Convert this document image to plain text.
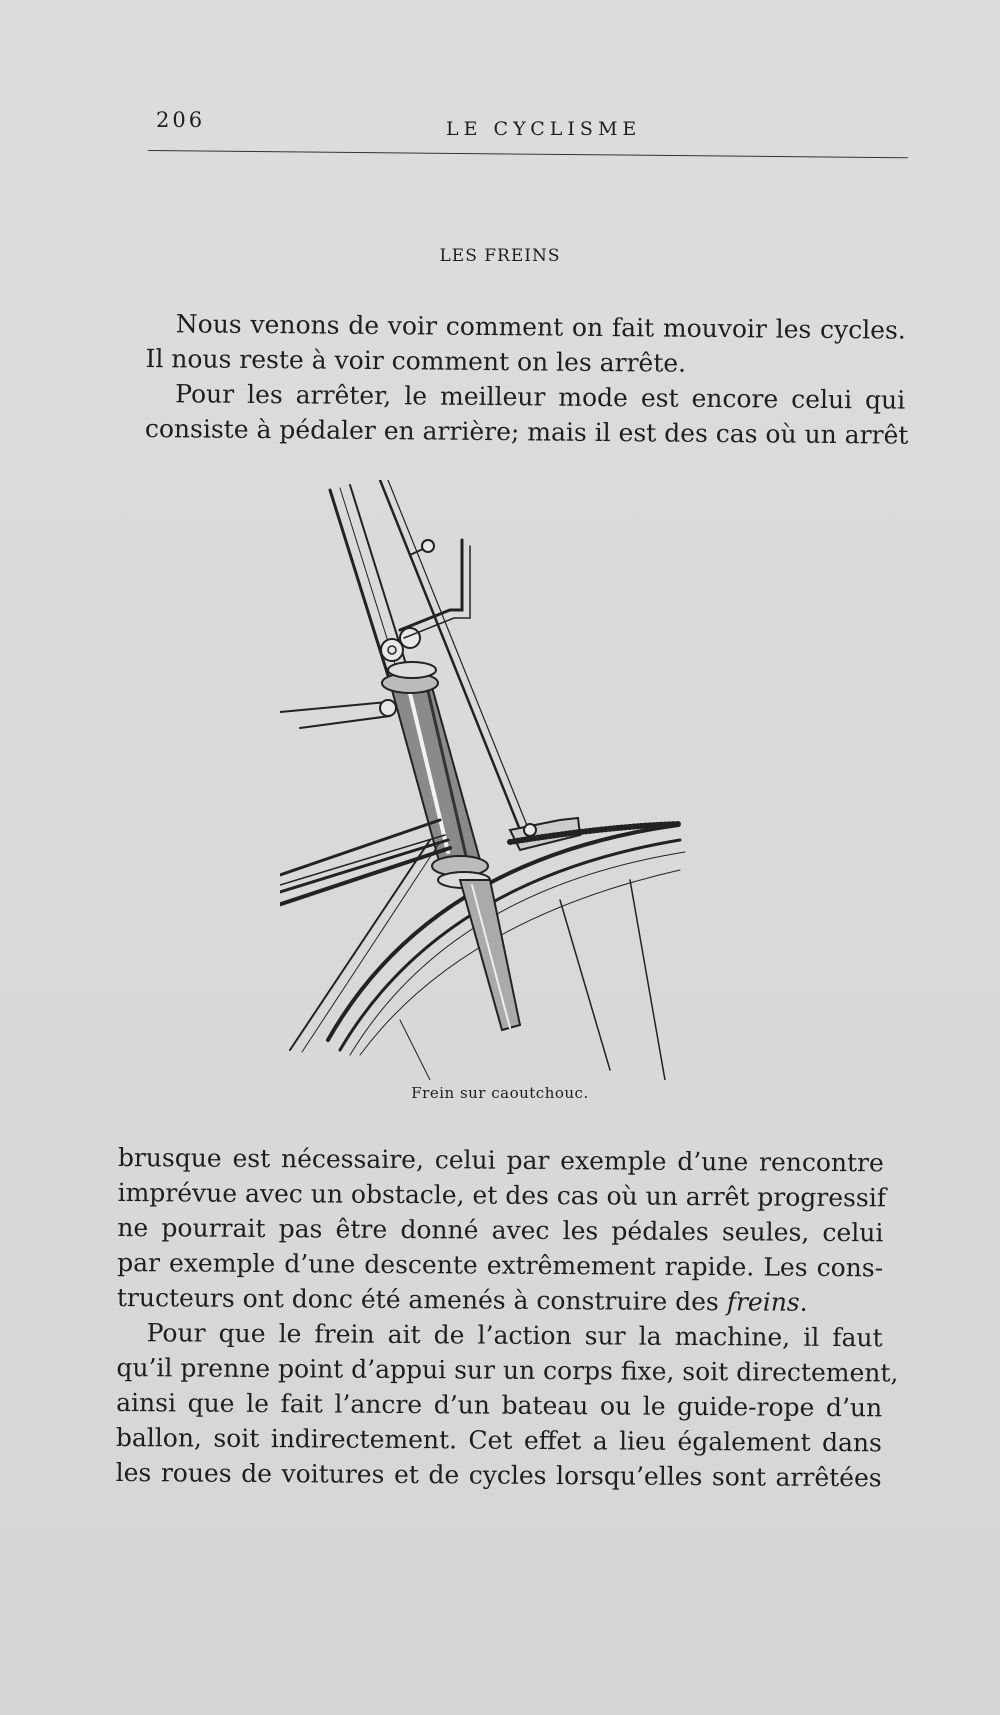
206	LE CYCLISME
LES FREINS

Nous venons de voir comment on fait mouvoir les cycles.
Il nous reste à voir comment on les arrête.

Pour les arrêter, le meilleur mode est encore celui qui
consiste à pédaler en arrière; mais il est des cas où un arrêt

Frein sur caoutchouc.

brusque est nécessaire, celui par exemple d’une rencontre
imprévue avec un obstacle, et des cas où un arrêt progressif
ne pourrait pas être donné avec les pédales seules, celui
par exemple d’une descente extrêmement rapide. Les cons-
tructeurs ont donc été amenés à construire des freins.

Pour que le frein ait de l’action sur la machine, il faut
qu’il prenne point d’appui sur un corps fixe, soit directement,
ainsi que le fait l’ancre d’un bateau ou le guide-rope d’un
ballon, soit indirectement. Cet effet a lieu également dans
les roues de voitures et de cycles lorsqu’elles sont arrêtées
